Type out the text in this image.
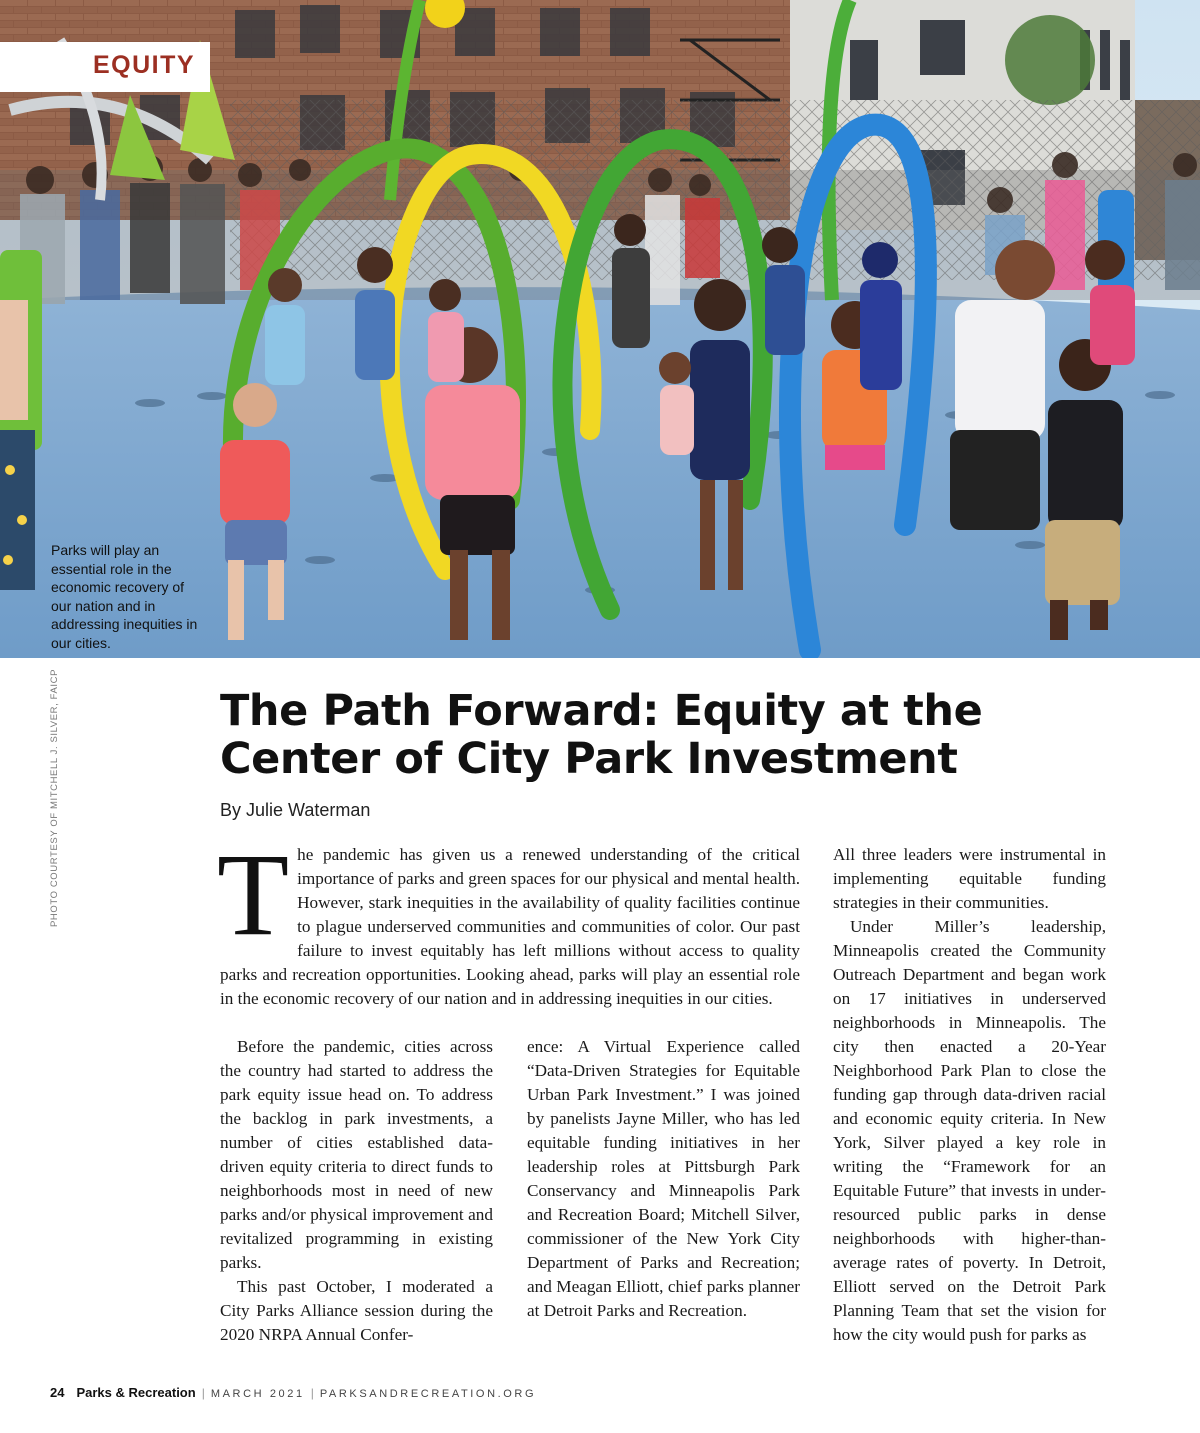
EQUITY
Parks will play an essential role in the economic recovery of our nation and in addressing inequities in our cities.
PHOTO COURTESY OF MITCHELL J. SILVER, FAICP	The Path Forward: Equity at the Center of City Park Investment
By Julie Waterman
T he pandemic has given us a renewed understanding of the critical importance of parks and green spaces for our physical and mental health. However, stark inequities in the availability of quality facilities continue to plague underserved communities and communities of color. Our past failure to invest equitably has left millions without access to quality parks and recreation opportunities. Looking ahead, parks will play an essential role in the economic recovery of our nation and in addressing inequities in our cities.

Before the pandemic, cities across the country had started to address the park equity issue head on. To address the backlog in park investments, a number of cities established data-driven equity criteria to direct funds to neighborhoods most in need of new parks and/or physical improvement and revitalized programming in existing parks.

This past October, I moderated a City Parks Alliance session during the 2020 NRPA Annual Confer-

ence: A Virtual Experience called “Data-Driven Strategies for Equitable Urban Park Investment.” I was joined by panelists Jayne Miller, who has led equitable funding initiatives in her leadership roles at Pittsburgh Park Conservancy and Minneapolis Park and Recreation Board; Mitchell Silver, commissioner of the New York City Department of Parks and Recreation; and Meagan Elliott, chief parks planner at Detroit Parks and Recreation.

All three leaders were instrumental in implementing equitable funding strategies in their communities.

Under Miller’s leadership, Minneapolis created the Community Outreach Department and began work on 17 initiatives in underserved neighborhoods in Minneapolis. The city then enacted a 20-Year Neighborhood Park Plan to close the funding gap through data-driven racial and economic equity criteria. In New York, Silver played a key role in writing the “Framework for an Equitable Future” that invests in under-resourced public parks in dense neighborhoods with higher-than-average rates of poverty. In Detroit, Elliott served on the Detroit Park Planning Team that set the vision for how the city would push for parks as

24 Parks & Recreation | MARCH 2021 | PARKSANDRECREATION.ORG
